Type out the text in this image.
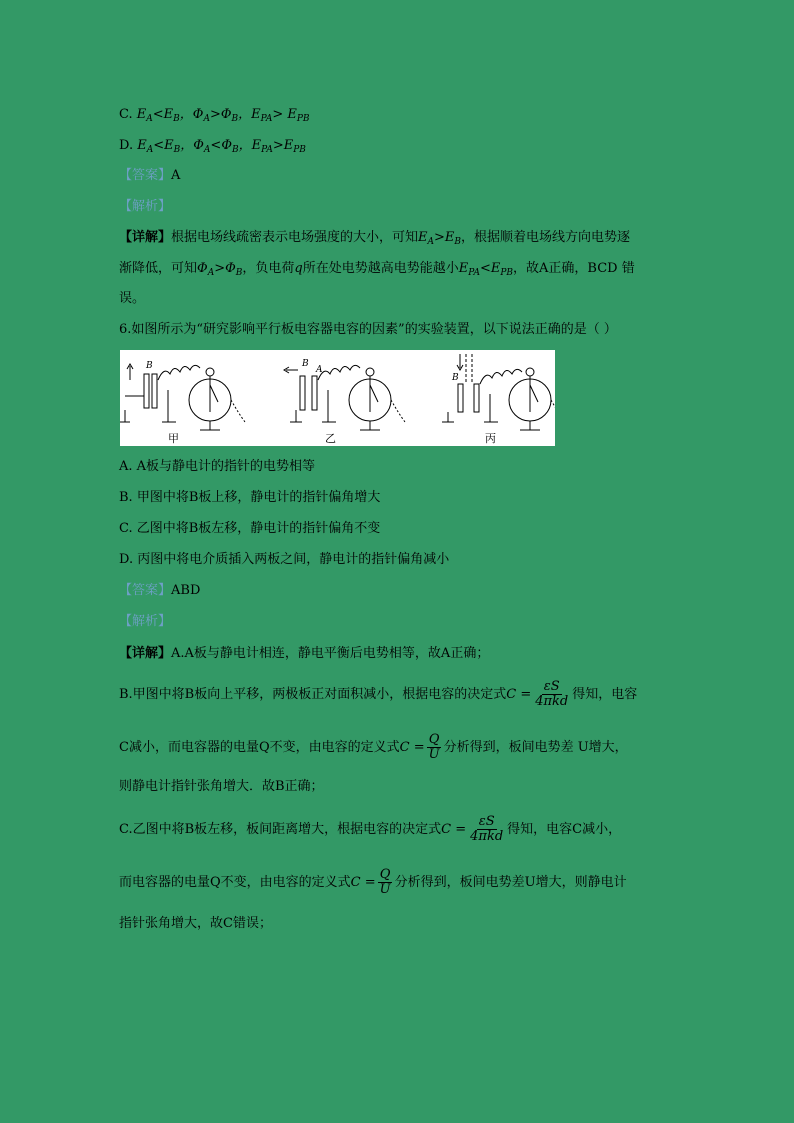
C. $E_A<E_B$，$\Phi_A>\Phi_B$，$E_{PA}> E_{PB}$
D. $E_A<E_B$，$\Phi_A<\Phi_B$，$E_{PA}>E_{PB}$
【答案】A
【解析】
【详解】根据电场线疏密表示电场强度的大小，可知$E_A>E_B$，根据顺着电场线方向电势逐
渐降低，可知$\Phi_A>\Phi_B$，负电荷q所在处电势越高电势能越小$E_{PA}<E_{PB}$，故A正确，BCD 错
误。
6.如图所示为“研究影响平行板电容器电容的因素”的实验装置，以下说法正确的是（ ）
B	B
A
B
甲	乙	丙
A. A板与静电计的指针的电势相等
B. 甲图中将B板上移，静电计的指针偏角增大
C. 乙图中将B板左移，静电计的指针偏角不变
D. 丙图中将电介质插入两板之间，静电计的指针偏角减小
【答案】ABD
【解析】
【详解】A.A板与静电计相连，静电平衡后电势相等，故A正确；
B.甲图中将B板向上平移，两极板正对面积减小，根据电容的决定式$C = \frac{\varepsilon S}{\text{4πkd}}$ 得知，电容
C减小，而电容器的电量Q不变，由电容的定义式$C = \frac{Q}{U}$ 分析得到，板间电势差 U增大，
则静电计指针张角增大．故B正确；
C.乙图中将B板左移，板间距离增大，根据电容的决定式$C = \frac{\varepsilon S}{\text{4πkd}}$ 得知，电容C减小，
而电容器的电量Q不变，由电容的定义式$C = \frac{Q}{U}$ 分析得到，板间电势差U增大，则静电计
指针张角增大，故C错误；
